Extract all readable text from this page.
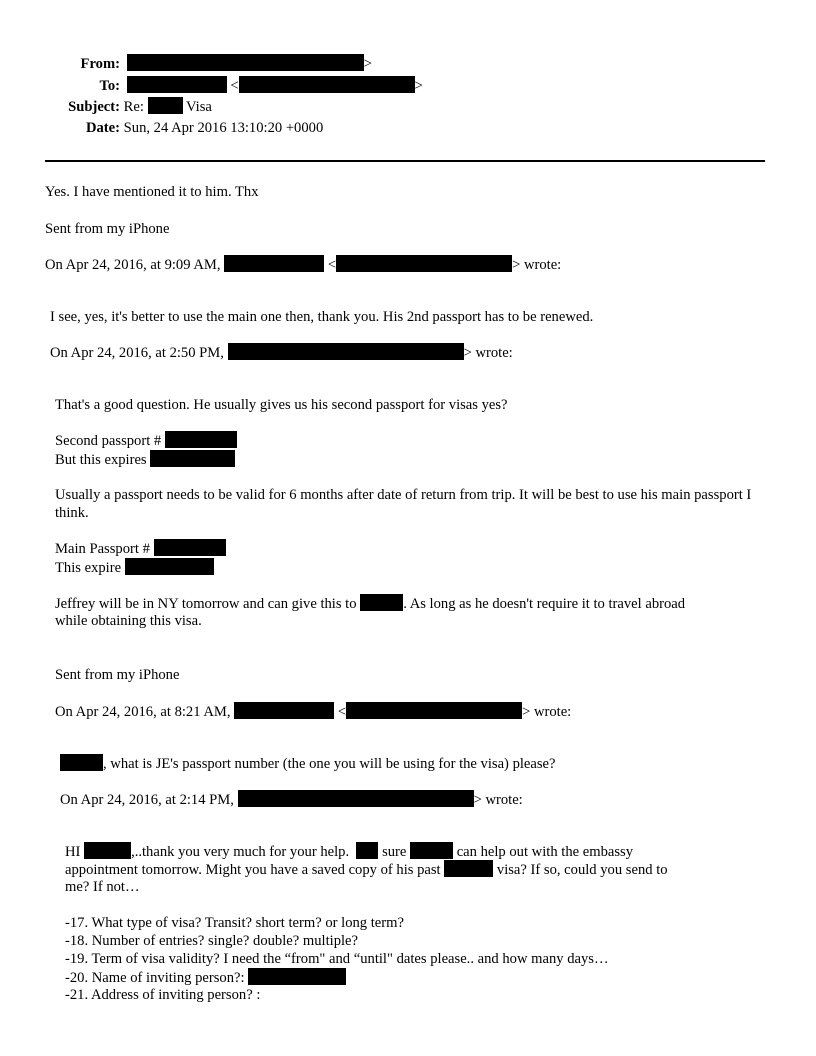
From:	>
To:	<	>
Subject: Re:	Visa
Date: Sun, 24 Apr 2016 13:10:20 +0000
Yes. I have mentioned it to him. Thx
Sent from my iPhone
On Apr 24, 2016, at 9:09 AM,	<	> wrote:
I see, yes, it's better to use the main one then, thank you. His 2nd passport has to be renewed.
On Apr 24, 2016, at 2:50 PM,	> wrote:
That's a good question. He usually gives us his second passport for visas yes?
Second passport #
But this expires
Usually a passport needs to be valid for 6 months after date of return from trip. It will be best to use his main passport I think.
Main Passport #
This expire
Jeffrey will be in NY tomorrow and can give this to	. As long as he doesn't require it to travel abroad
while obtaining this visa.
Sent from my iPhone
On Apr 24, 2016, at 8:21 AM,	<	> wrote:
, what is JE's passport number (the one you will be using for the visa) please?
On Apr 24, 2016, at 2:14 PM,	> wrote:
HI	,..thank you very much for your help. sure	can help out with the embassy
appointment tomorrow. Might you have a saved copy of his past	visa? If so, could you send to
me? If not…
-17. What type of visa? Transit? short term? or long term?
-18. Number of entries? single? double? multiple?
-19. Term of visa validity? I need the “from" and “until" dates please.. and how many days…
-20. Name of inviting person?:
-21. Address of inviting person? :
